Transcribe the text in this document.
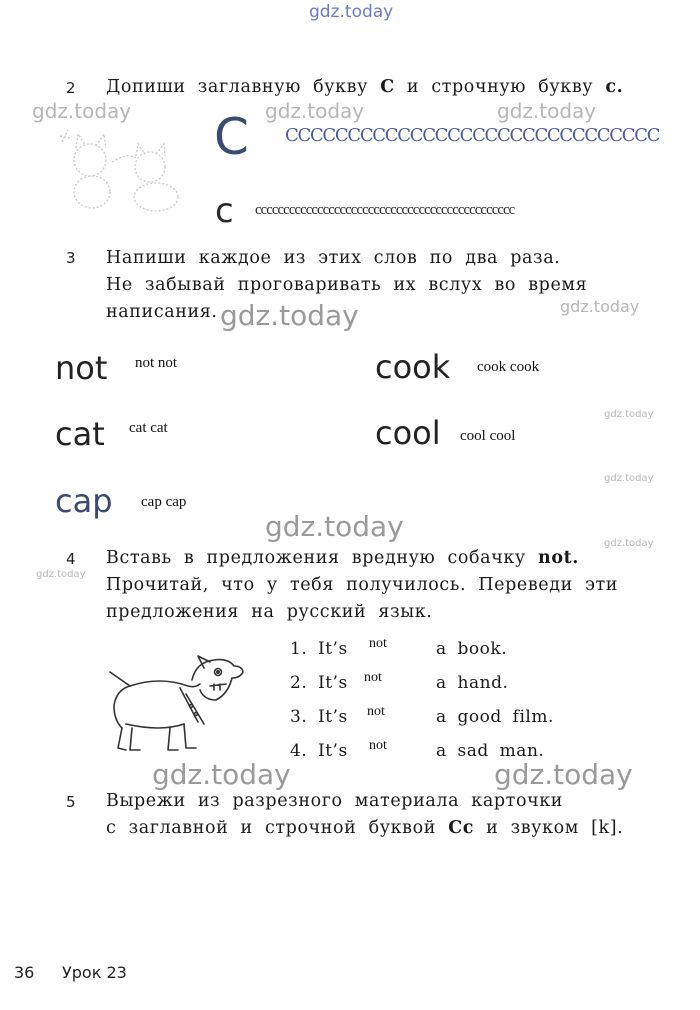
gdz.today
2 Допиши заглавную букву C и строчную букву c.
gdz.today	gdz.today	gdz.today
C CCCCCCCCCCCCCCCCCCCCCCCCCCCCCC
c cccccccccccccccccccccccccccccccccccccccccccccc
3 Напиши каждое из этих слов по два раза.
Не забывай проговаривать их вслух во время
написания. gdz.today	gdz.today
not not not	cook cook cook
gdz.today
cat cat cat	cool cool cool
gdz.today
cap cap cap
gdz.today
gdz.today
4 Вставь в предложения вредную собачку not.
gdz.today
Прочитай, что у тебя получилось. Переведи эти
предложения на русский язык.
1. It’s not	a book.
2. It’s not	a hand.
3. It’s not	a good film.
4. It’s not	a sad man.
gdz.today	gdz.today
5 Вырежи из разрезного материала карточки
с заглавной и строчной буквой Cc и звуком [k].
36 Урок 23
